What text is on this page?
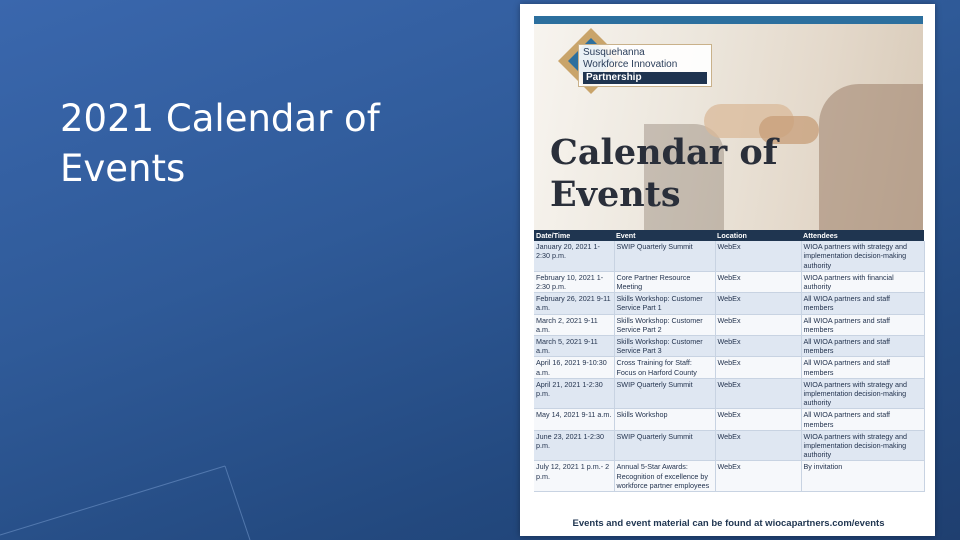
2021 Calendar of Events
Susquehanna
Workforce Innovation
Partnership
Calendar of Events
Date/Time	Event	Location	Attendees
January 20, 2021 1-2:30 p.m.	SWIP Quarterly Summit	WebEx	WIOA partners with strategy and implementation decision-making authority
February 10, 2021 1-2:30 p.m.	Core Partner Resource Meeting	WebEx	WIOA partners with financial authority
February 26, 2021 9-11 a.m.	Skills Workshop: Customer Service Part 1	WebEx	All WIOA partners and staff members
March 2, 2021 9-11 a.m.	Skills Workshop: Customer Service Part 2	WebEx	All WIOA partners and staff members
March 5, 2021 9-11 a.m.	Skills Workshop: Customer Service Part 3	WebEx	All WIOA partners and staff members
April 16, 2021 9-10:30 a.m.	Cross Training for Staff: Focus on Harford County	WebEx	All WIOA partners and staff members
April 21, 2021 1-2:30 p.m.	SWIP Quarterly Summit	WebEx	WIOA partners with strategy and implementation decision-making authority
May 14, 2021 9-11 a.m.	Skills Workshop	WebEx	All WIOA partners and staff members
June 23, 2021 1-2:30 p.m.	SWIP Quarterly Summit	WebEx	WIOA partners with strategy and implementation decision-making authority
July 12, 2021 1 p.m.- 2 p.m.	Annual 5-Star Awards: Recognition of excellence by workforce partner employees	WebEx	By invitation
Events and event material can be found at wiocapartners.com/events
